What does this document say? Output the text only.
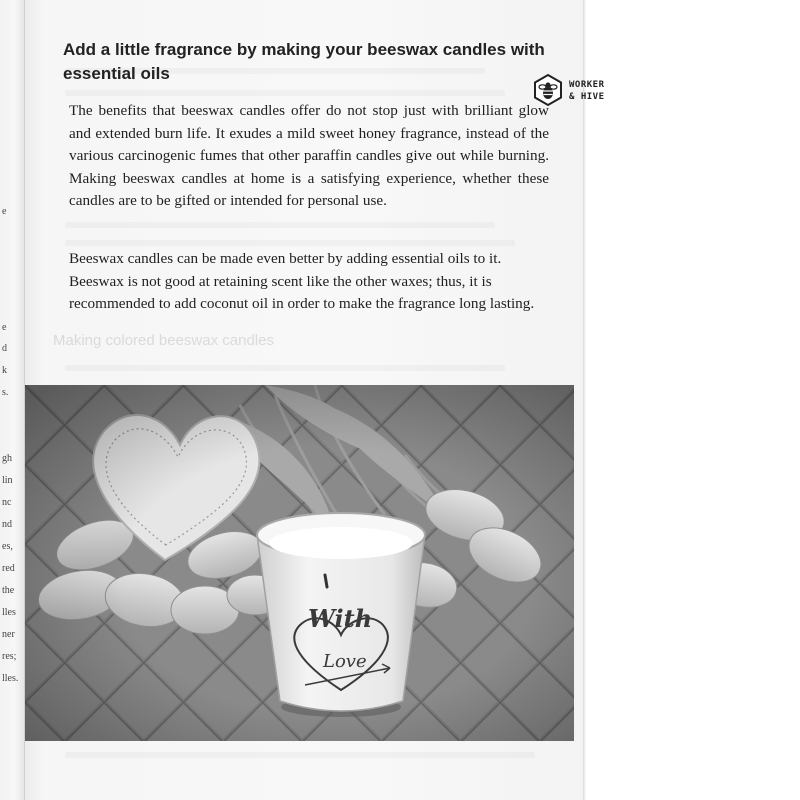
e
e
d
k
s.
gh
lin
nc
nd
es,
red
the
lles
ner
res;
lles.
Making colored beeswax candles
Add a little fragrance by making your beeswax candles with essential oils

The benefits that beeswax candles offer do not stop just with brilliant glow and extended burn life. It exudes a mild sweet honey fragrance, instead of the various carcinogenic fumes that other paraffin candles give out while burning. Making beeswax candles at home is a satisfying experience, whether these candles are to be gifted or intended for personal use.

Beeswax candles can be made even better by adding essential oils to it. Beeswax is not good at retaining scent like the other waxes; thus, it is recommended to add coconut oil in order to make the fragrance long lasting.

WORKER
& HIVE
